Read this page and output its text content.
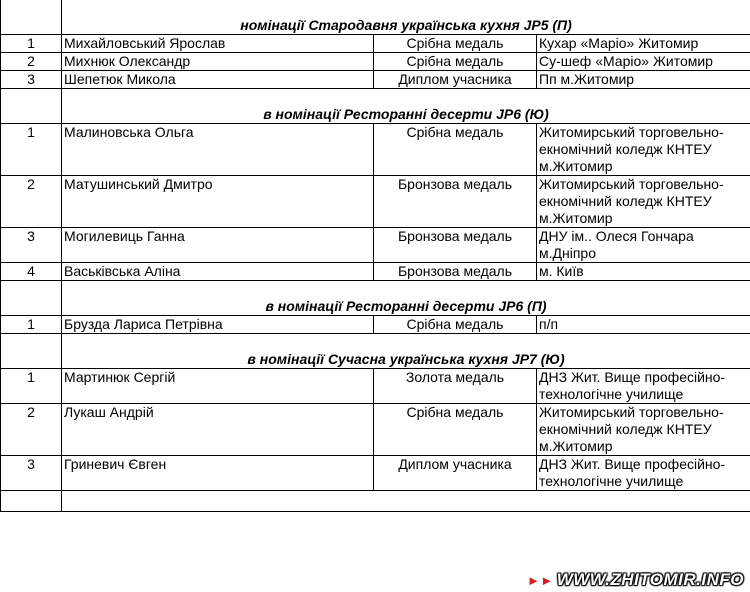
	номінації Стародавня українська кухня JP5 (П)		
1	Михайловський Ярослав	Срібна медаль	Кухар «Маріо» Житомир
2	Михнюк Олександр	Срібна медаль	Су-шеф «Маріо» Житомир
3	Шепетюк Микола	Диплом учасника	Пп м.Житомир
	в номінації Ресторанні десерти JP6 (Ю)		
1	Малиновська Ольга	Срібна медаль	Житомирський торговельно-екномічний коледж КНТЕУ м.Житомир
2	Матушинський Дмитро	Бронзова медаль	Житомирський торговельно-екномічний коледж КНТЕУ м.Житомир
3	Могилевиць Ганна	Бронзова медаль	ДНУ ім.. Олеся Гончара м.Дніпро
4	Васьківська Аліна	Бронзова медаль	м. Київ
	в номінації Ресторанні десерти JP6 (П)		
1	Брузда Лариса Петрівна	Срібна медаль	п/п
	в номінації Сучасна українська кухня JP7 (Ю)		
1	Мартинюк Сергій	Золота медаль	ДНЗ Жит. Вище професійно-технологічне училище
2	Лукаш Андрій	Срібна медаль	Житомирський торговельно-екномічний коледж КНТЕУ м.Житомир
3	Гриневич Євген	Диплом учасника	ДНЗ Жит. Вище професійно-технологічне училище

►► WWW.ZHITOMIR.INFO
